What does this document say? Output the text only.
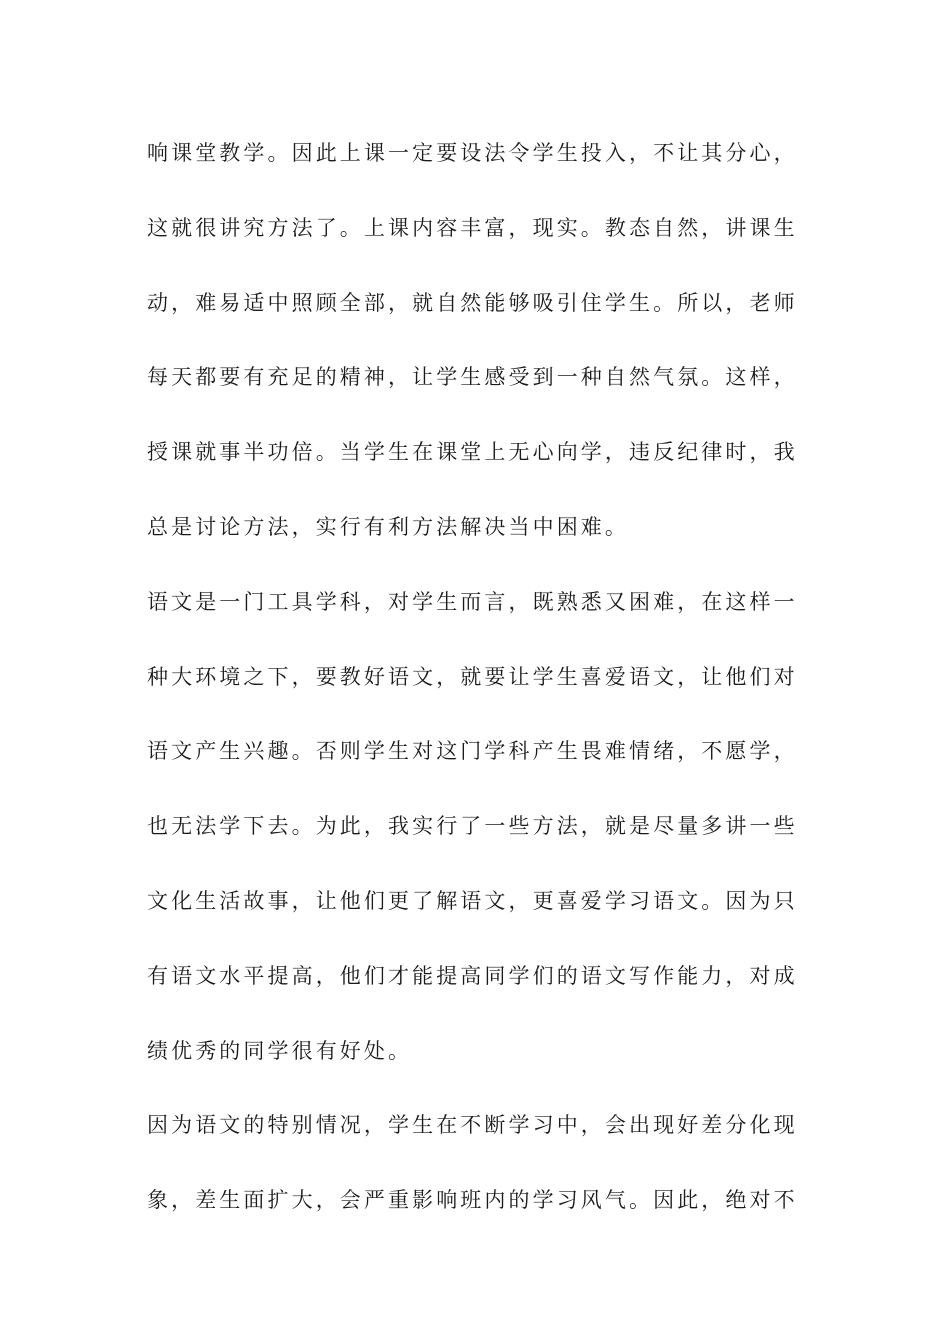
响课堂教学。因此上课一定要设法令学生投入，不让其分心，
这就很讲究方法了。上课内容丰富，现实。教态自然，讲课生
动，难易适中照顾全部，就自然能够吸引住学生。所以，老师
每天都要有充足的精神，让学生感受到一种自然气氛。这样，
授课就事半功倍。当学生在课堂上无心向学，违反纪律时，我
总是讨论方法，实行有利方法解决当中困难。
语文是一门工具学科，对学生而言，既熟悉又困难，在这样一
种大环境之下，要教好语文，就要让学生喜爱语文，让他们对
语文产生兴趣。否则学生对这门学科产生畏难情绪，不愿学，
也无法学下去。为此，我实行了一些方法，就是尽量多讲一些
文化生活故事，让他们更了解语文，更喜爱学习语文。因为只
有语文水平提高，他们才能提高同学们的语文写作能力，对成
绩优秀的同学很有好处。
因为语文的特别情况，学生在不断学习中，会出现好差分化现
象，差生面扩大，会严重影响班内的学习风气。因此，绝对不
